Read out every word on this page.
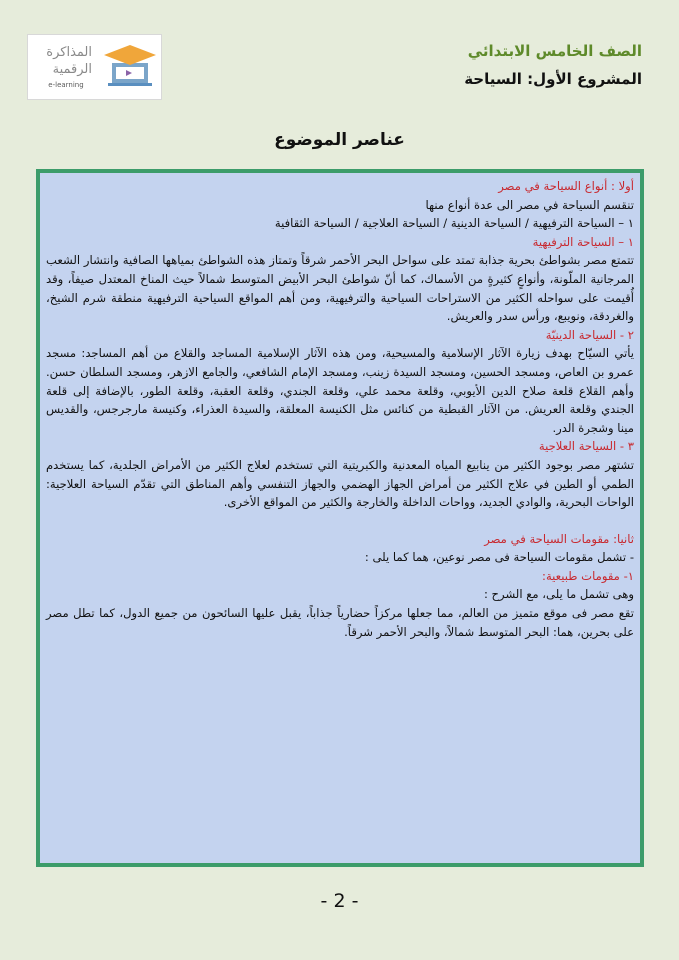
المذاكرة
الرقمية
e-learning
الصف الخامس الابتدائي
المشروع الأول: السياحة
عناصر الموضوع

أولا : أنواع السياحة في مصر

تنقسم السياحة في مصر الى عدة أنواع منها

١ – السياحة الترفيهية / السياحة الدينية / السياحة العلاجية / السياحة الثقافية

١ – السياحة الترفيهية

تتمتع مصر بشواطئ بحرية جذابة تمتد على سواحل البحر الأحمر شرقاً وتمتاز هذه الشواطئ بمياهها الصافية وانتشار الشعب المرجانية الملّونة، وأنواعٍ كثيرةٍ من الأسماك، كما أنّ شواطئ البحر الأبيض المتوسط شمالاً حيث المناخ المعتدل صيفاً، وقد أُقيمت على سواحله الكثير من الاستراحات السياحية والترفيهية، ومن أهم المواقع السياحية الترفيهية منطقة شرم الشيخ، والغردقة، ونويبع، ورأس سدر والعريش.

٢ - السياحة الدينيّة

يأتي السيّاح بهدف زيارة الآثار الإسلامية والمسيحية، ومن هذه الآثار الإسلامية المساجد والقلاع من أهم المساجد: مسجد عمرو بن العاص، ومسجد الحسين، ومسجد السيدة زينب، ومسجد الإمام الشافعي، والجامع الازهر، ومسجد السلطان حسن. وأهم القلاع قلعة صلاح الدين الأيوبي، وقلعة محمد علي، وقلعة الجندي، وقلعة العقبة، وقلعة الطور، بالإضافة إلى قلعة الجندي وقلعة العريش. من الآثار القبطية من كنائس مثل الكنيسة المعلقة، والسيدة العذراء، وكنيسة مارجرجس، والقديس مينا وشجرة الدر.

٣ - السياحة العلاجية

تشتهر مصر بوجود الكثير من ينابيع المياه المعدنية والكبريتية التي تستخدم لعلاج الكثير من الأمراض الجلدية، كما يستخدم الطمي أو الطين في علاج الكثير من أمراض الجهاز الهضمي والجهاز التنفسي وأهم المناطق التي تقدّم السياحة العلاجية: الواحات البحرية، والوادي الجديد، وواحات الداخلة والخارجة والكثير من المواقع الأخرى.

ثانيا: مقومات السياحة في مصر

- تشمل مقومات السياحة فى مصر نوعين، هما كما يلى :

١- مقومات طبيعية:

وهى تشمل ما يلى، مع الشرح :

تقع مصر فى موقع متميز من العالم، مما جعلها مركزاً حضارياً جذاباً، يقبل عليها السائحون من جميع الدول، كما تطل مصر على بحرين، هما: البحر المتوسط شمالاً، والبحر الأحمر شرقاً.

- 2 -
